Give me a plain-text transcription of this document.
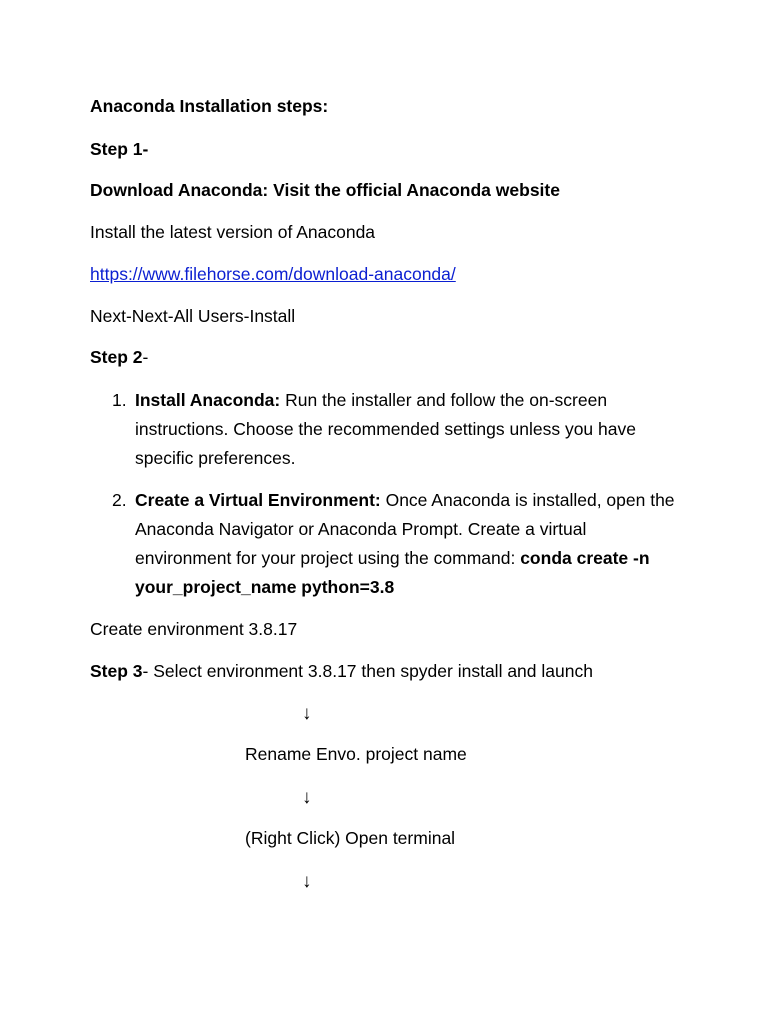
Anaconda Installation steps:
Step 1-
Download Anaconda: Visit the official Anaconda website
Install the latest version of Anaconda
https://www.filehorse.com/download-anaconda/
Next-Next-All Users-Install
Step 2-
1. Install Anaconda: Run the installer and follow the on-screen instructions. Choose the recommended settings unless you have specific preferences.
2. Create a Virtual Environment: Once Anaconda is installed, open the Anaconda Navigator or Anaconda Prompt. Create a virtual environment for your project using the command: conda create -n your_project_name python=3.8
Create environment 3.8.17
Step 3- Select environment 3.8.17 then spyder install and launch
↓
Rename Envo. project name
↓
(Right Click) Open terminal
↓
